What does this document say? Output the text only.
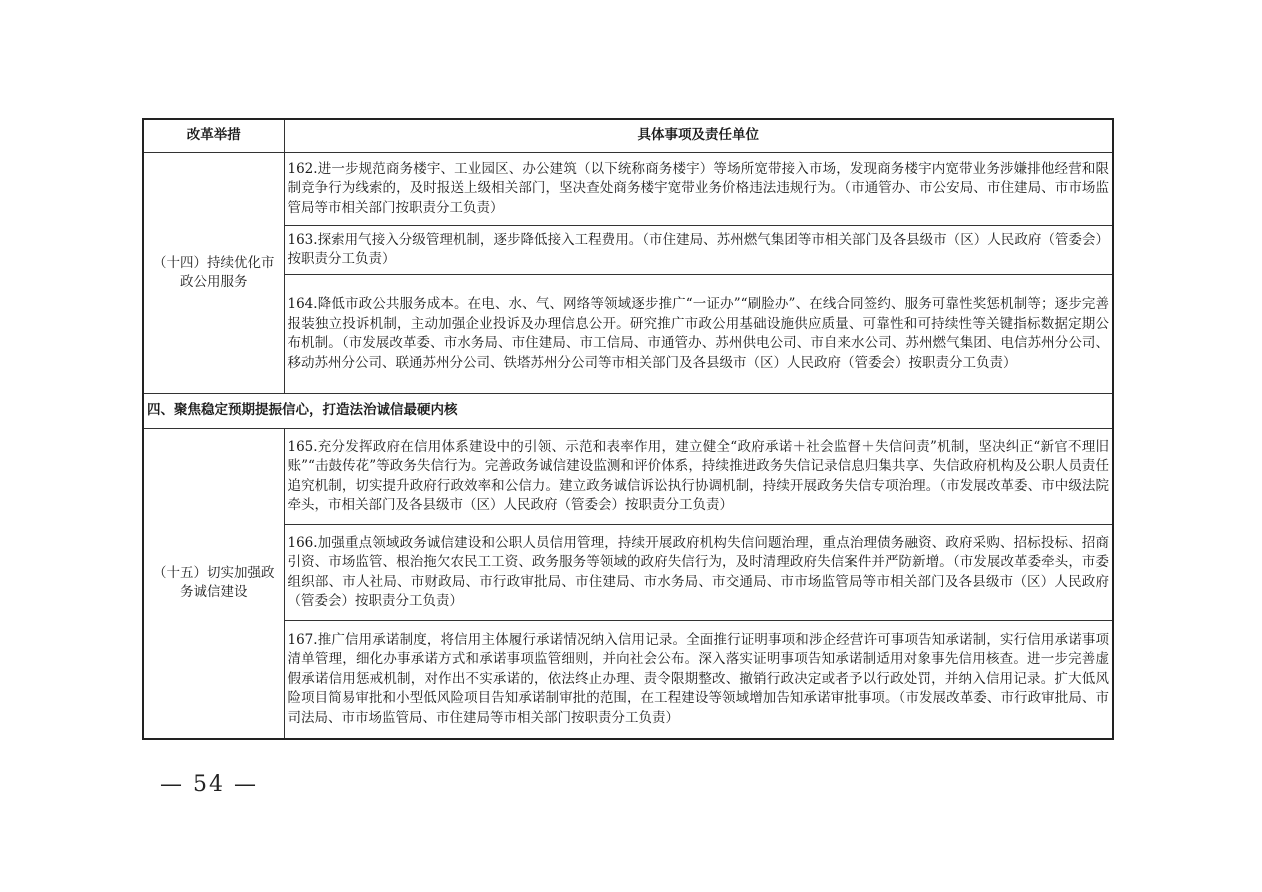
改革举措	具体事项及责任单位
（十四）持续优化市政公用服务	162.进一步规范商务楼宇、工业园区、办公建筑（以下统称商务楼宇）等场所宽带接入市场，发现商务楼宇内宽带业务涉嫌排他经营和限制竞争行为线索的，及时报送上级相关部门，坚决查处商务楼宇宽带业务价格违法违规行为。（市通管办、市公安局、市住建局、市市场监管局等市相关部门按职责分工负责）
	163.探索用气接入分级管理机制，逐步降低接入工程费用。（市住建局、苏州燃气集团等市相关部门及各县级市（区）人民政府（管委会）按职责分工负责）
	164.降低市政公共服务成本。在电、水、气、网络等领域逐步推广“一证办”“刷脸办”、在线合同签约、服务可靠性奖惩机制等；逐步完善报装独立投诉机制，主动加强企业投诉及办理信息公开。研究推广市政公用基础设施供应质量、可靠性和可持续性等关键指标数据定期公布机制。（市发展改革委、市水务局、市住建局、市工信局、市通管办、苏州供电公司、市自来水公司、苏州燃气集团、电信苏州分公司、移动苏州分公司、联通苏州分公司、铁塔苏州分公司等市相关部门及各县级市（区）人民政府（管委会）按职责分工负责）
四、聚焦稳定预期提振信心，打造法治诚信最硬内核	
（十五）切实加强政务诚信建设	165.充分发挥政府在信用体系建设中的引领、示范和表率作用，建立健全“政府承诺＋社会监督＋失信问责”机制，坚决纠正“新官不理旧账”“击鼓传花”等政务失信行为。完善政务诚信建设监测和评价体系，持续推进政务失信记录信息归集共享、失信政府机构及公职人员责任追究机制，切实提升政府行政效率和公信力。建立政务诚信诉讼执行协调机制，持续开展政务失信专项治理。（市发展改革委、市中级法院牵头，市相关部门及各县级市（区）人民政府（管委会）按职责分工负责）
	166.加强重点领域政务诚信建设和公职人员信用管理，持续开展政府机构失信问题治理，重点治理债务融资、政府采购、招标投标、招商引资、市场监管、根治拖欠农民工工资、政务服务等领域的政府失信行为，及时清理政府失信案件并严防新增。（市发展改革委牵头，市委组织部、市人社局、市财政局、市行政审批局、市住建局、市水务局、市交通局、市市场监管局等市相关部门及各县级市（区）人民政府（管委会）按职责分工负责）
	167.推广信用承诺制度，将信用主体履行承诺情况纳入信用记录。全面推行证明事项和涉企经营许可事项告知承诺制，实行信用承诺事项清单管理，细化办事承诺方式和承诺事项监管细则，并向社会公布。深入落实证明事项告知承诺制适用对象事先信用核查。进一步完善虚假承诺信用惩戒机制，对作出不实承诺的，依法终止办理、责令限期整改、撤销行政决定或者予以行政处罚，并纳入信用记录。扩大低风险项目简易审批和小型低风险项目告知承诺制审批的范围，在工程建设等领域增加告知承诺审批事项。（市发展改革委、市行政审批局、市司法局、市市场监管局、市住建局等市相关部门按职责分工负责）
— 54 —
